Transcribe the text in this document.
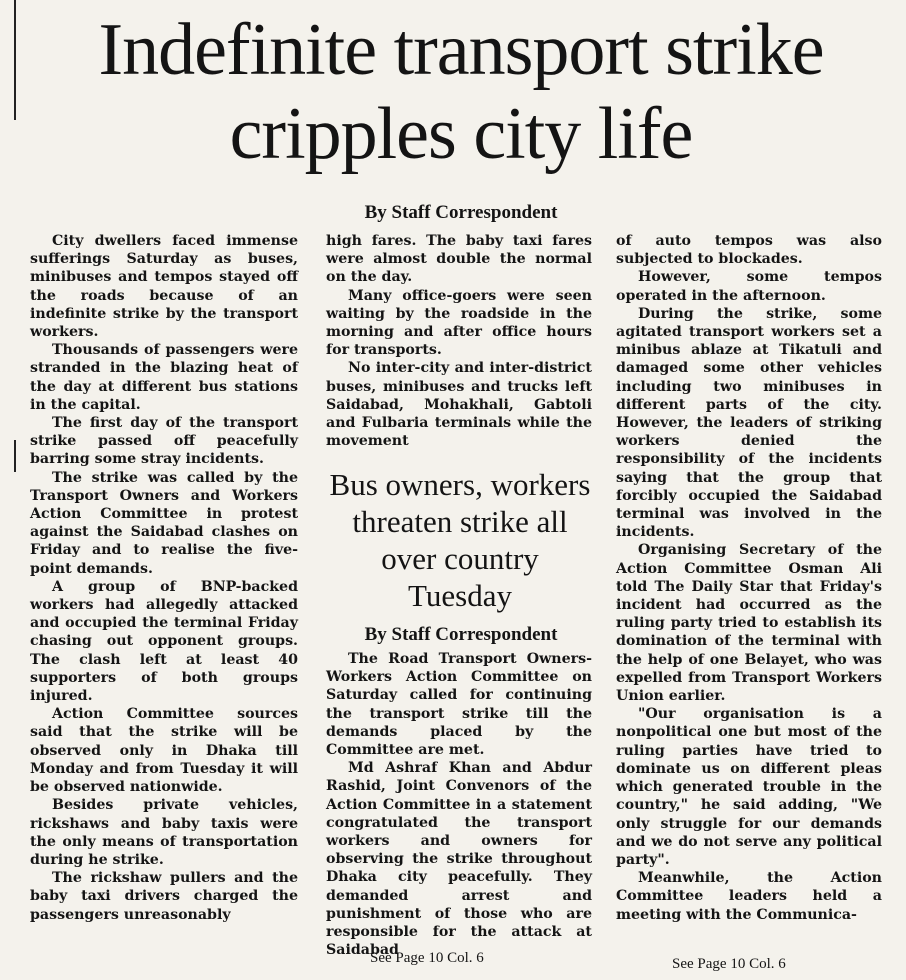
Indefinite transport strike cripples city life
By Staff Correspondent

City dwellers faced immense sufferings Saturday as buses, minibuses and tempos stayed off the roads because of an indefinite strike by the transport workers.

Thousands of passengers were stranded in the blazing heat of the day at different bus stations in the capital.

The first day of the transport strike passed off peacefully barring some stray incidents.

The strike was called by the Transport Owners and Workers Action Committee in protest against the Saidabad clashes on Friday and to realise the five-point demands.

A group of BNP-backed workers had allegedly attacked and occupied the terminal Friday chasing out opponent groups. The clash left at least 40 supporters of both groups injured.

Action Committee sources said that the strike will be observed only in Dhaka till Monday and from Tuesday it will be observed nationwide.

Besides private vehicles, rickshaws and baby taxis were the only means of transportation during he strike.

The rickshaw pullers and the baby taxi drivers charged the passengers unreasonably

high fares. The baby taxi fares were almost double the normal on the day.

Many office-goers were seen waiting by the roadside in the morning and after office hours for transports.

No inter-city and inter-district buses, minibuses and trucks left Saidabad, Mohakhali, Gabtoli and Fulbaria terminals while the movement

Bus owners, workers threaten strike all over country Tuesday
By Staff Correspondent

The Road Transport Owners-Workers Action Committee on Saturday called for continuing the transport strike till the demands placed by the Committee are met.

Md Ashraf Khan and Abdur Rashid, Joint Convenors of the Action Committee in a statement congratulated the transport workers and owners for observing the strike throughout Dhaka city peacefully. They demanded arrest and punishment of those who are responsible for the attack at Saidabad

See Page 10 Col. 6

of auto tempos was also subjected to blockades.

However, some tempos operated in the afternoon.

During the strike, some agitated transport workers set a minibus ablaze at Tikatuli and damaged some other vehicles including two minibuses in different parts of the city. However, the leaders of striking workers denied the responsibility of the incidents saying that the group that forcibly occupied the Saidabad terminal was involved in the incidents.

Organising Secretary of the Action Committee Osman Ali told The Daily Star that Friday's incident had occurred as the ruling party tried to establish its domination of the terminal with the help of one Belayet, who was expelled from Transport Workers Union earlier.

"Our organisation is a nonpolitical one but most of the ruling parties have tried to dominate us on different pleas which generated trouble in the country," he said adding, "We only struggle for our demands and we do not serve any political party".

Meanwhile, the Action Committee leaders held a meeting with the Communica-

See Page 10 Col. 6
